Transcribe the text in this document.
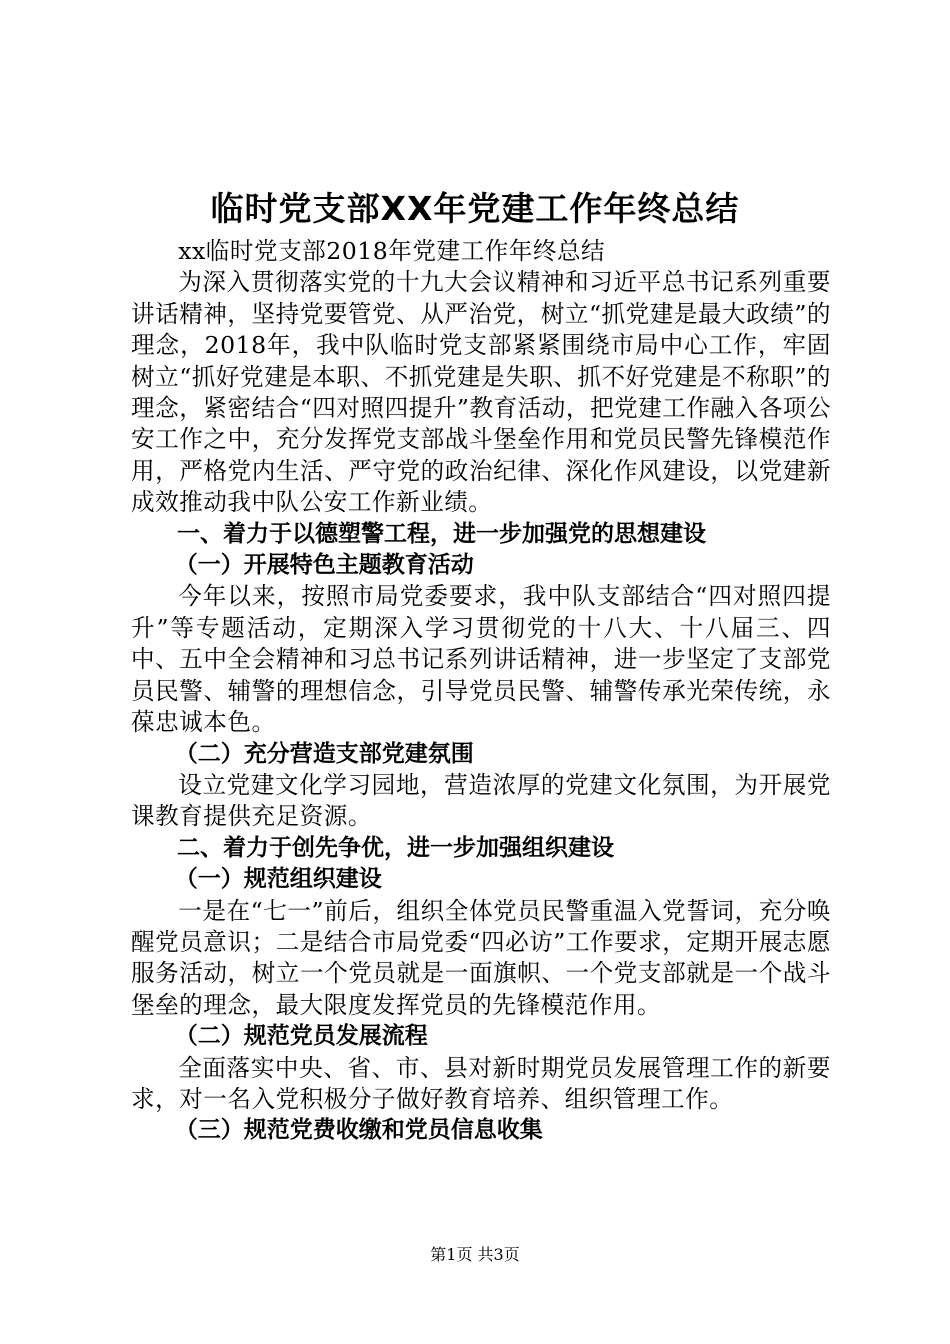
临时党支部XX年党建工作年终总结

xx临时党支部2018年党建工作年终总结

为深入贯彻落实党的十九大会议精神和习近平总书记系列重要讲话精神，坚持党要管党、从严治党，树立“抓党建是最大政绩”的理念，2018年，我中队临时党支部紧紧围绕市局中心工作，牢固树立“抓好党建是本职、不抓党建是失职、抓不好党建是不称职”的理念，紧密结合“四对照四提升”教育活动，把党建工作融入各项公安工作之中，充分发挥党支部战斗堡垒作用和党员民警先锋模范作用，严格党内生活、严守党的政治纪律、深化作风建设，以党建新成效推动我中队公安工作新业绩。

一、着力于以德塑警工程，进一步加强党的思想建设

（一）开展特色主题教育活动

今年以来，按照市局党委要求，我中队支部结合“四对照四提升”等专题活动，定期深入学习贯彻党的十八大、十八届三、四中、五中全会精神和习总书记系列讲话精神，进一步坚定了支部党员民警、辅警的理想信念，引导党员民警、辅警传承光荣传统，永葆忠诚本色。

（二）充分营造支部党建氛围

设立党建文化学习园地，营造浓厚的党建文化氛围，为开展党课教育提供充足资源。

二、着力于创先争优，进一步加强组织建设

（一）规范组织建设

一是在“七一”前后，组织全体党员民警重温入党誓词，充分唤醒党员意识；二是结合市局党委“四必访”工作要求，定期开展志愿服务活动，树立一个党员就是一面旗帜、一个党支部就是一个战斗堡垒的理念，最大限度发挥党员的先锋模范作用。

（二）规范党员发展流程

全面落实中央、省、市、县对新时期党员发展管理工作的新要求，对一名入党积极分子做好教育培养、组织管理工作。

（三）规范党费收缴和党员信息收集

第1页 共3页
